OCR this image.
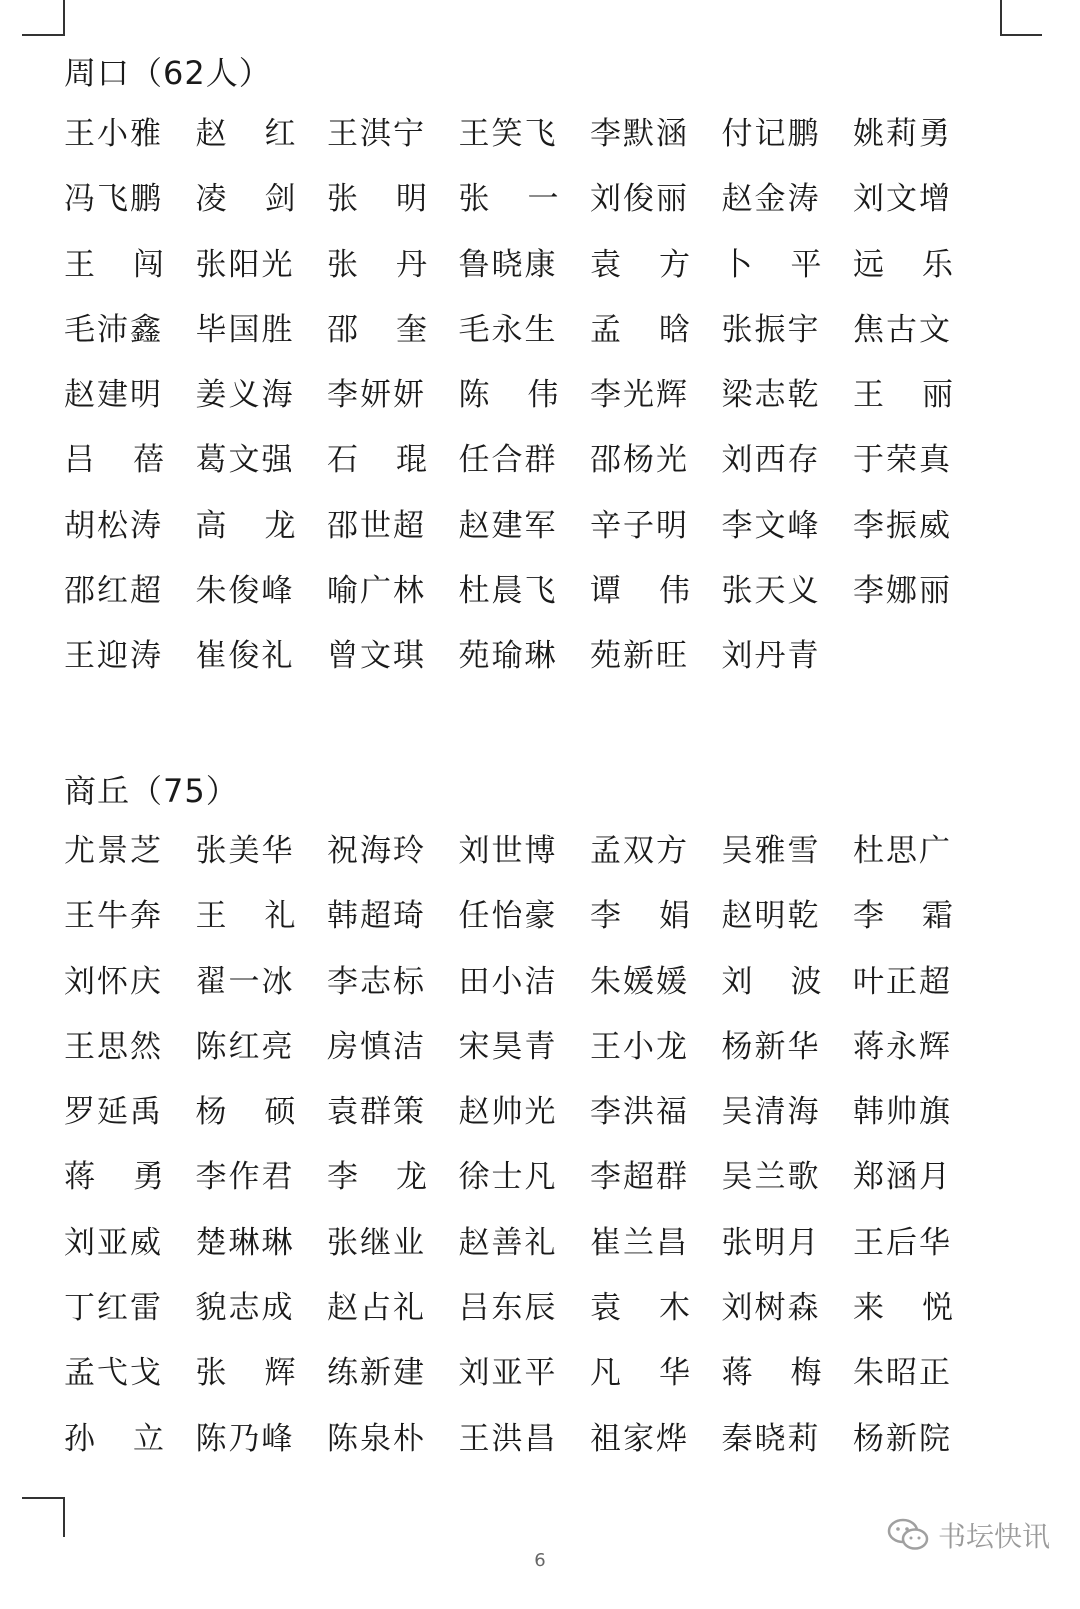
周口（62人）
王小雅 赵 红 王淇宁 王笑飞 李默涵 付记鹏 姚莉勇
冯飞鹏 凌 剑 张 明 张 一 刘俊丽 赵金涛 刘文增
王 闯 张阳光 张 丹 鲁晓康 袁 方 卜 平 远 乐
毛沛鑫 毕国胜 邵 奎 毛永生 孟 晗 张振宇 焦古文
赵建明 姜义海 李妍妍 陈 伟 李光辉 梁志乾 王 丽
吕 蓓 葛文强 石 琨 任合群 邵杨光 刘西存 于荣真
胡松涛 高 龙 邵世超 赵建军 辛子明 李文峰 李振威
邵红超 朱俊峰 喻广林 杜晨飞 谭 伟 张天义 李娜丽
王迎涛 崔俊礼 曾文琪 苑瑜琳 苑新旺 刘丹青
商丘（75）
尤景芝 张美华 祝海玲 刘世博 孟双方 吴雅雪 杜思广
王牛奔 王 礼 韩超琦 任怡豪 李 娟 赵明乾 李 霜
刘怀庆 翟一冰 李志标 田小洁 朱媛媛 刘 波 叶正超
王思然 陈红亮 房慎洁 宋昊青 王小龙 杨新华 蒋永辉
罗延禹 杨 硕 袁群策 赵帅光 李洪福 吴清海 韩帅旗
蒋 勇 李作君 李 龙 徐士凡 李超群 吴兰歌 郑涵月
刘亚威 楚琳琳 张继业 赵善礼 崔兰昌 张明月 王后华
丁红雷 貌志成 赵占礼 吕东辰 袁 木 刘树森 来 悦
孟弋戈 张 辉 练新建 刘亚平 凡 华 蒋 梅 朱昭正
孙 立 陈乃峰 陈泉朴 王洪昌 祖家烨 秦晓莉 杨新院
6
书坛快讯
